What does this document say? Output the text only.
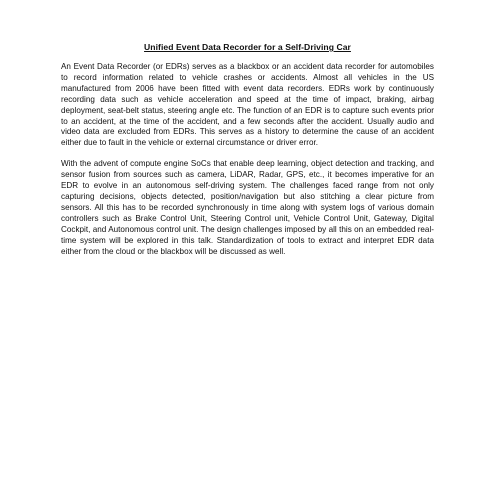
Unified Event Data Recorder for a Self-Driving Car

An Event Data Recorder (or EDRs) serves as a blackbox or an accident data recorder for automobiles to record information related to vehicle crashes or accidents. Almost all vehicles in the US manufactured from 2006 have been fitted with event data recorders. EDRs work by continuously recording data such as vehicle acceleration and speed at the time of impact, braking, airbag deployment, seat-belt status, steering angle etc. The function of an EDR is to capture such events prior to an accident, at the time of the accident, and a few seconds after the accident. Usually audio and video data are excluded from EDRs. This serves as a history to determine the cause of an accident either due to fault in the vehicle or external circumstance or driver error.

With the advent of compute engine SoCs that enable deep learning, object detection and tracking, and sensor fusion from sources such as camera, LiDAR, Radar, GPS, etc., it becomes imperative for an EDR to evolve in an autonomous self-driving system. The challenges faced range from not only capturing decisions, objects detected, position/navigation but also stitching a clear picture from sensors. All this has to be recorded synchronously in time along with system logs of various domain controllers such as Brake Control Unit, Steering Control unit, Vehicle Control Unit, Gateway, Digital Cockpit, and Autonomous control unit. The design challenges imposed by all this on an embedded real-time system will be explored in this talk. Standardization of tools to extract and interpret EDR data either from the cloud or the blackbox will be discussed as well.
